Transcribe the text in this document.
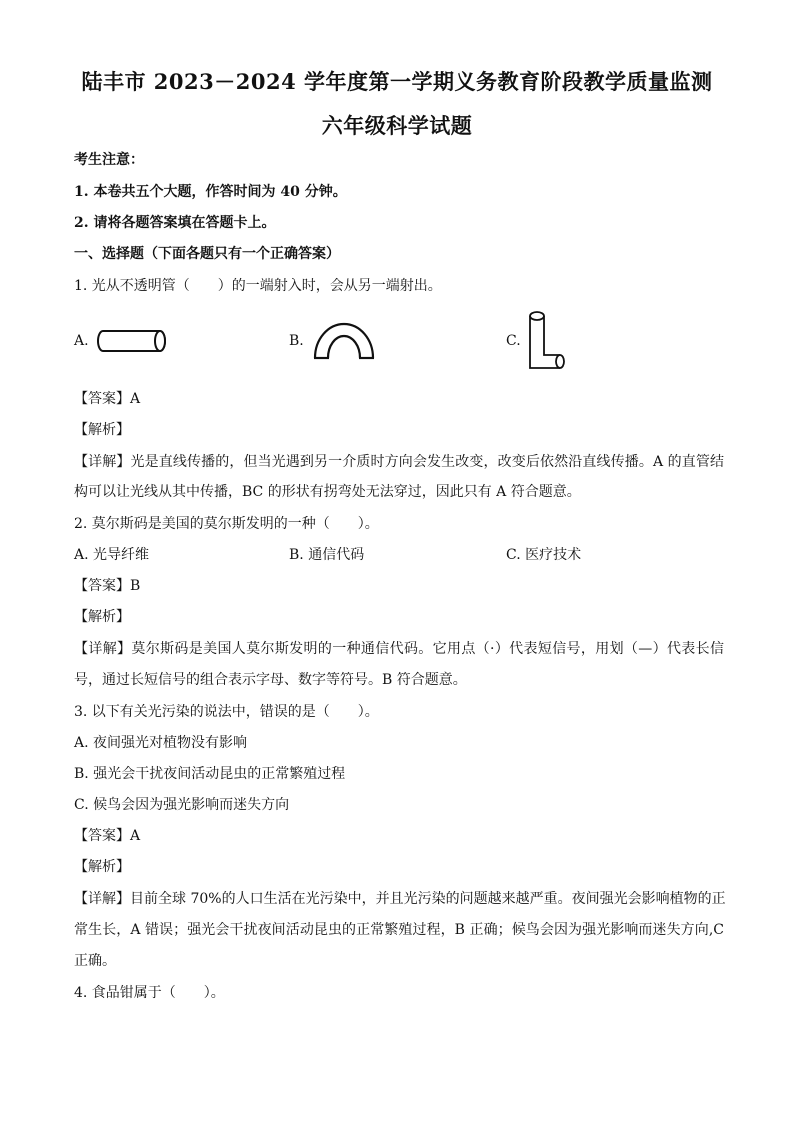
陆丰市 2023－2024 学年度第一学期义务教育阶段教学质量监测
六年级科学试题
考生注意：
1. 本卷共五个大题，作答时间为 40 分钟。
2. 请将各题答案填在答题卡上。
一、选择题（下面各题只有一个正确答案）
1. 光从不透明管（　　）的一端射入时，会从另一端射出。
A.	B.	C.
【答案】A
【解析】
【详解】光是直线传播的，但当光遇到另一介质时方向会发生改变，改变后依然沿直线传播。A 的直管结
构可以让光线从其中传播，BC 的形状有拐弯处无法穿过，因此只有 A 符合题意。
2. 莫尔斯码是美国的莫尔斯发明的一种（　　）。
A. 光导纤维	B. 通信代码	C. 医疗技术
【答案】B
【解析】
【详解】莫尔斯码是美国人莫尔斯发明的一种通信代码。它用点（·）代表短信号，用划（—）代表长信
号，通过长短信号的组合表示字母、数字等符号。B 符合题意。
3. 以下有关光污染的说法中，错误的是（　　）。
A. 夜间强光对植物没有影响
B. 强光会干扰夜间活动昆虫的正常繁殖过程
C. 候鸟会因为强光影响而迷失方向
【答案】A
【解析】
【详解】目前全球 70%的人口生活在光污染中，并且光污染的问题越来越严重。夜间强光会影响植物的正
常生长，A 错误；强光会干扰夜间活动昆虫的正常繁殖过程，B 正确；候鸟会因为强光影响而迷失方向,C
正确。
4. 食品钳属于（　　）。
